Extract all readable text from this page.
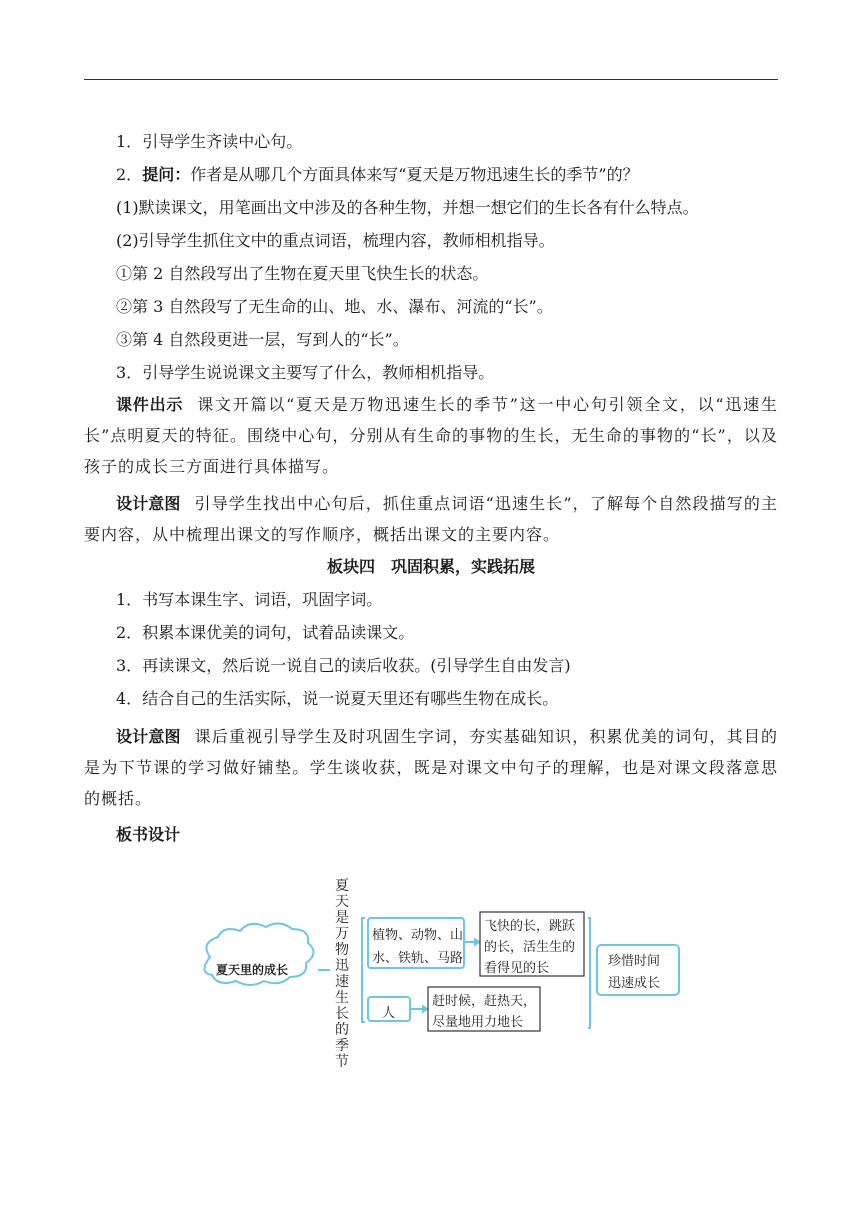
1．引导学生齐读中心句。

2．提问：作者是从哪几个方面具体来写“夏天是万物迅速生长的季节”的？

(1)默读课文，用笔画出文中涉及的各种生物，并想一想它们的生长各有什么特点。

(2)引导学生抓住文中的重点词语，梳理内容，教师相机指导。

①第 2 自然段写出了生物在夏天里飞快生长的状态。

②第 3 自然段写了无生命的山、地、水、瀑布、河流的“长”。

③第 4 自然段更进一层，写到人的“长”。

3．引导学生说说课文主要写了什么，教师相机指导。

课件出示 课文开篇以“夏天是万物迅速生长的季节”这一中心句引领全文，以“迅速生长”点明夏天的特征。围绕中心句，分别从有生命的事物的生长，无生命的事物的“长”，以及孩子的成长三方面进行具体描写。

设计意图 引导学生找出中心句后，抓住重点词语“迅速生长”，了解每个自然段描写的主要内容，从中梳理出课文的写作顺序，概括出课文的主要内容。

板块四　巩固积累，实践拓展

1．书写本课生字、词语，巩固字词。

2．积累本课优美的词句，试着品读课文。

3．再读课文，然后说一说自己的读后收获。(引导学生自由发言)

4．结合自己的生活实际，说一说夏天里还有哪些生物在成长。

设计意图 课后重视引导学生及时巩固生字词，夯实基础知识，积累优美的词句，其目的是为下节课的学习做好铺垫。学生谈收获，既是对课文中句子的理解，也是对课文段落意思的概括。

板书设计

夏天里的成长
夏天是万物迅速生长的季节
植物、动物、山
水、铁轨、马路
人
飞快的长，跳跃
的长，活生生的
看得见的长
赶时候，赶热天，
尽量地用力地长
珍惜时间
迅速成长
